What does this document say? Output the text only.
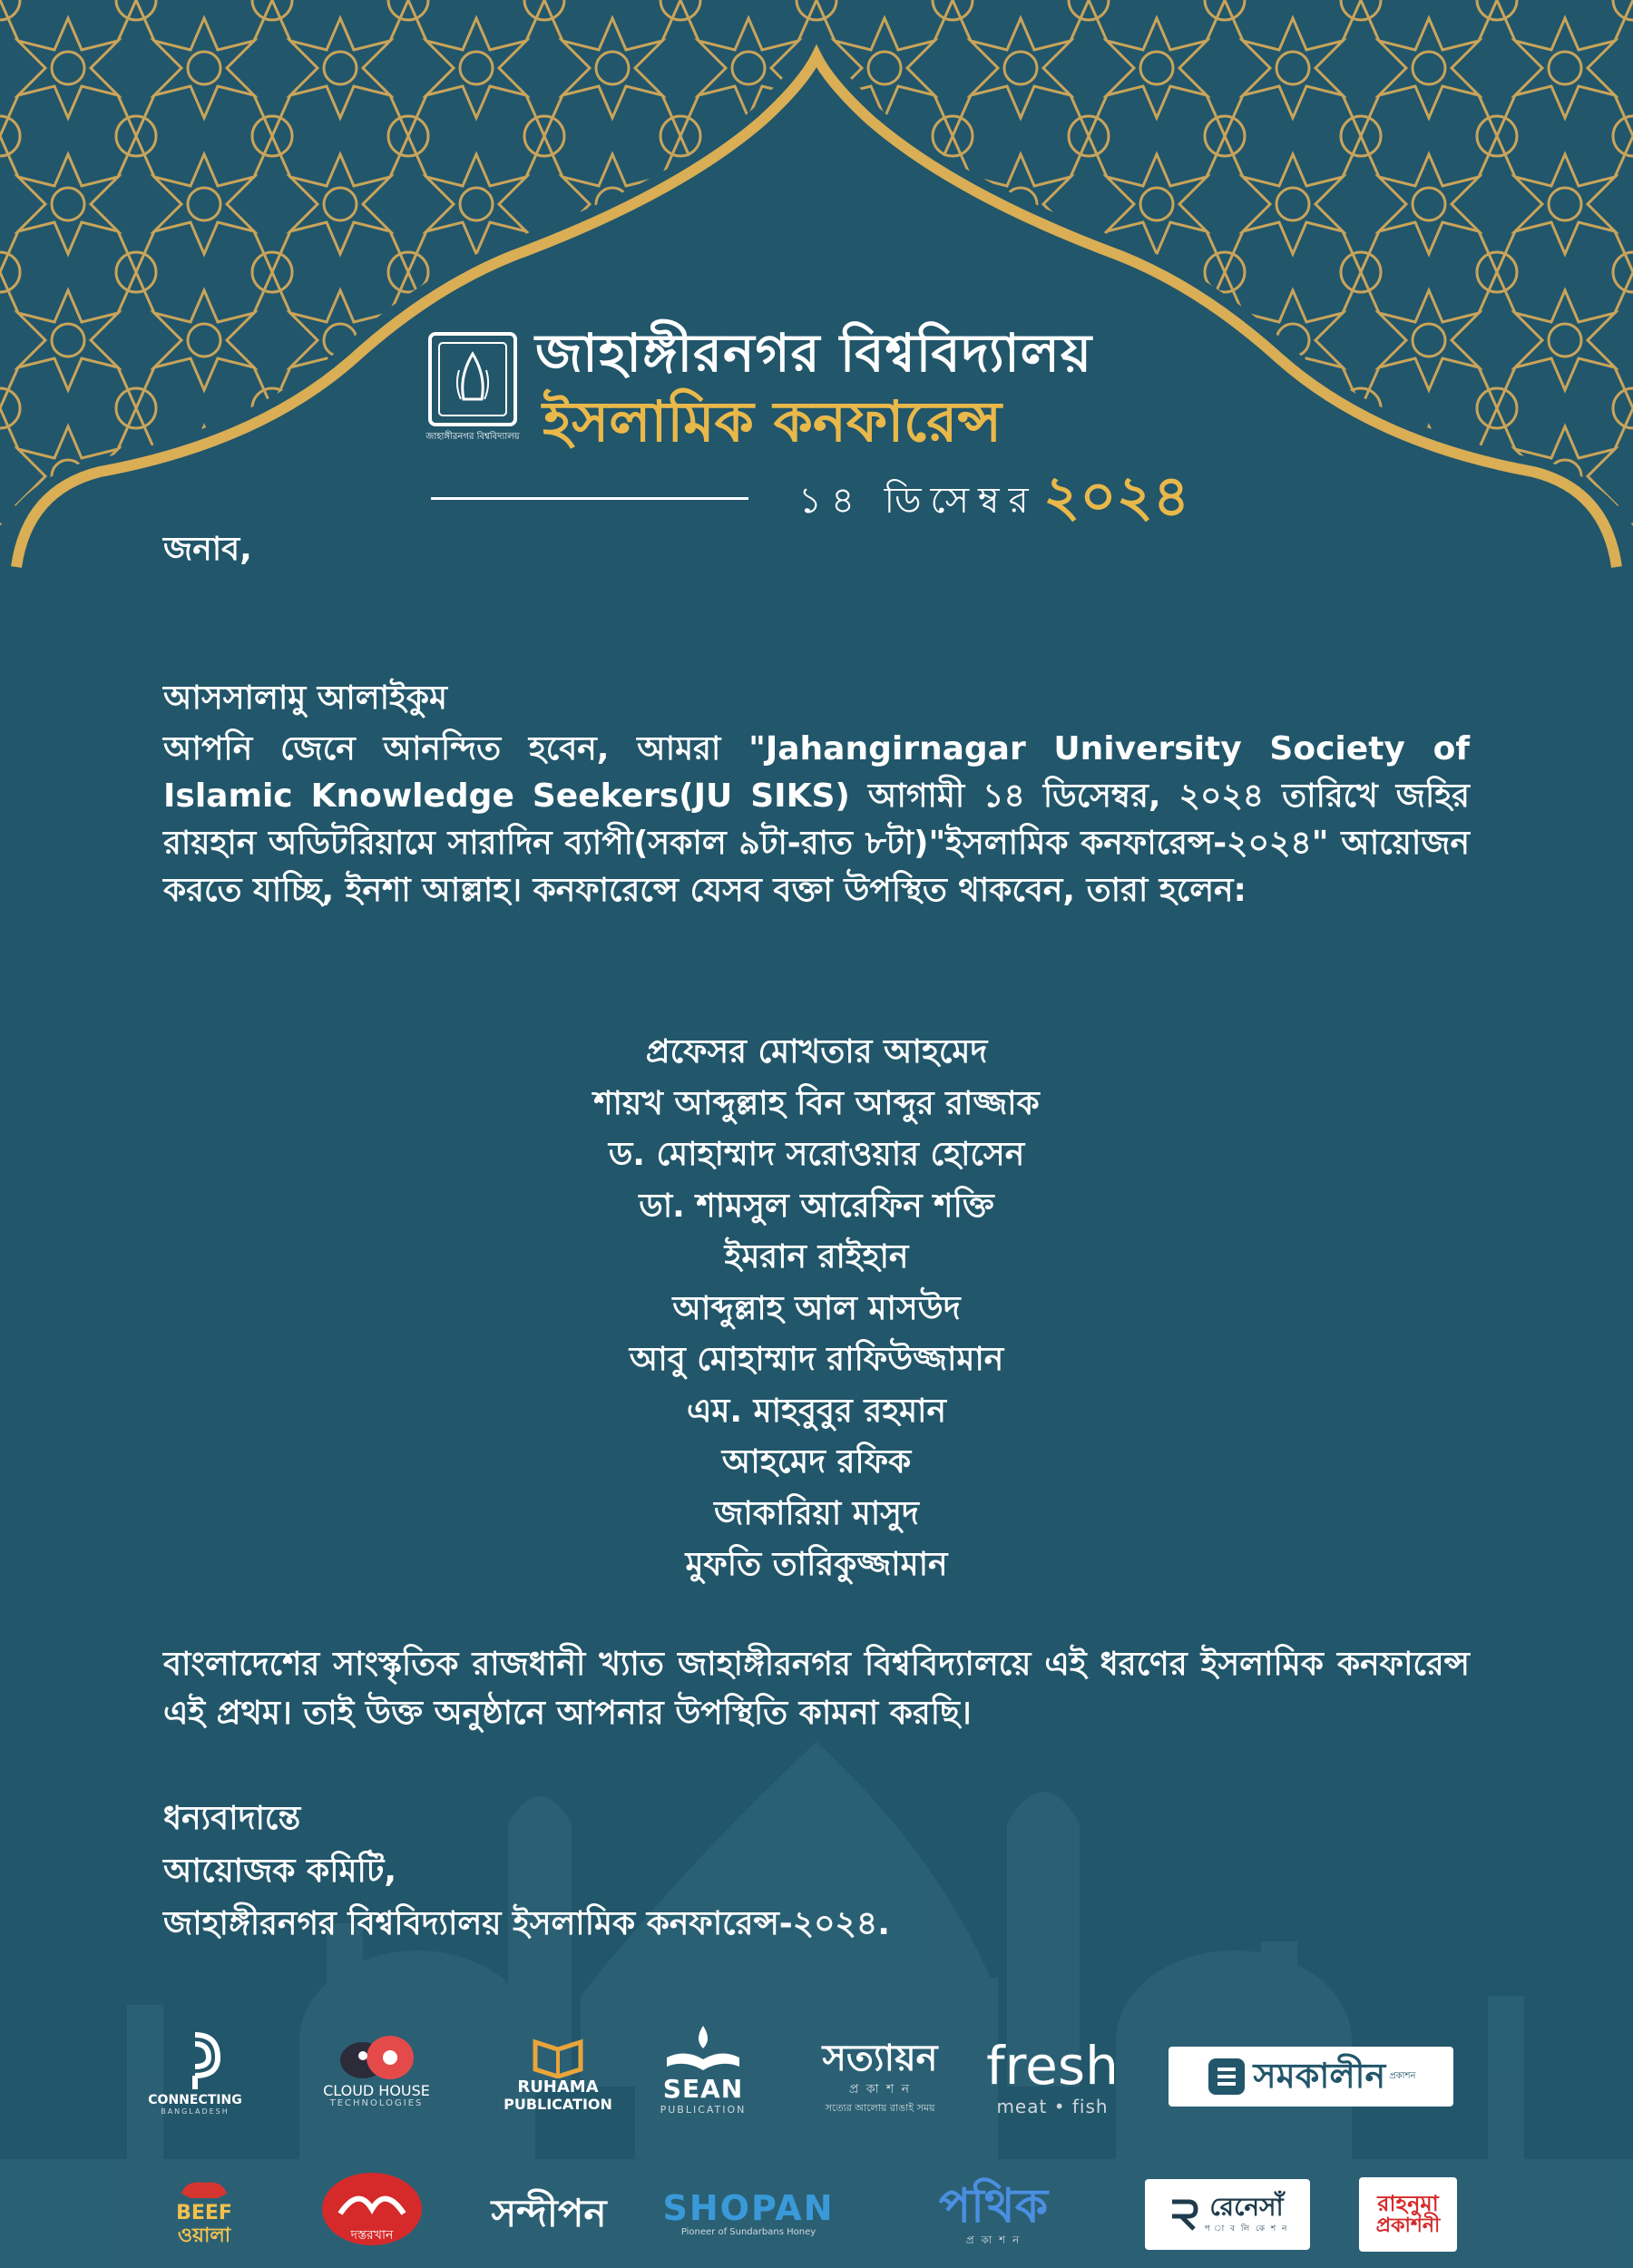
জাহাঙ্গীরনগর বিশ্ববিদ্যালয়
জাহাঙ্গীরনগর বিশ্ববিদ্যালয়
ইসলামিক কনফারেন্স
১৪ ডিসেম্বর ২০২৪
জনাব,
আসসালামু আলাইকুম
আপনি জেনে আনন্দিত হবেন, আমরা "Jahangirnagar University Society of Islamic Knowledge Seekers(JU SIKS) আগামী ১৪ ডিসেম্বর, ২০২৪ তারিখে জহির রায়হান অডিটরিয়ামে সারাদিন ব্যাপী(সকাল ৯টা-রাত ৮টা)"ইসলামিক কনফারেন্স-২০২৪" আয়োজন করতে যাচ্ছি, ইনশা আল্লাহ। কনফারেন্সে যেসব বক্তা উপস্থিত থাকবেন, তারা হলেন:
প্রফেসর মোখতার আহমেদ
শায়খ আব্দুল্লাহ বিন আব্দুর রাজ্জাক
ড. মোহাম্মাদ সরোওয়ার হোসেন
ডা. শামসুল আরেফিন শক্তি
ইমরান রাইহান
আব্দুল্লাহ আল মাসউদ
আবু মোহাম্মাদ রাফিউজ্জামান
এম. মাহবুবুর রহমান
আহমেদ রফিক
জাকারিয়া মাসুদ
মুফতি তারিকুজ্জামান
বাংলাদেশের সাংস্কৃতিক রাজধানী খ্যাত জাহাঙ্গীরনগর বিশ্ববিদ্যালয়ে এই ধরণের ইসলামিক কনফারেন্স এই প্রথম। তাই উক্ত অনুষ্ঠানে আপনার উপস্থিতি কামনা করছি।
ধন্যবাদান্তে
আয়োজক কমিটি,
জাহাঙ্গীরনগর বিশ্ববিদ্যালয় ইসলামিক কনফারেন্স-২০২৪.
CONNECTING
BANGLADESH
CLOUD HOUSE
TECHNOLOGIES
RUHAMA
PUBLICATION
SEAN
PUBLICATION
সত্যায়ন
প্র কা শ ন
সত্যের আলোয় রাঙাই সময়
fresh
meat • fish
সমকালীন প্রকাশন
BEEF
ওয়ালা	দস্তরখান
সন্দীপন SHOPAN
Pioneer of Sundarbans Honey	পথিক
প্র কা শ ন
রেনেসাঁ
প া ব লি কে শ ন
রাহনুমা
প্রকাশনী
